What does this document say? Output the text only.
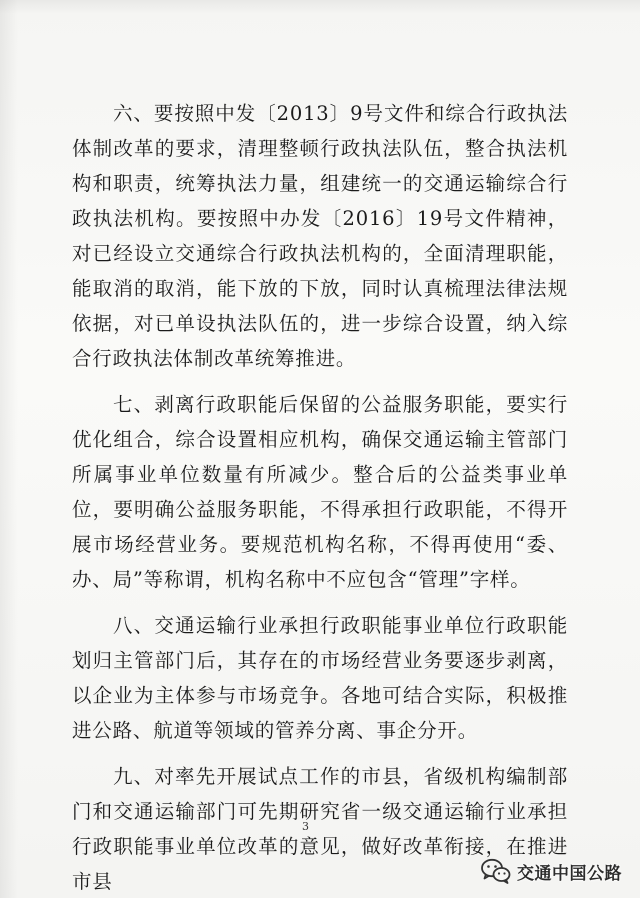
六、要按照中发〔2013〕9号文件和综合行政执法体制改革的要求，清理整顿行政执法队伍，整合执法机构和职责，统筹执法力量，组建统一的交通运输综合行政执法机构。要按照中办发〔2016〕19号文件精神，对已经设立交通综合行政执法机构的，全面清理职能，能取消的取消，能下放的下放，同时认真梳理法律法规依据，对已单设执法队伍的，进一步综合设置，纳入综合行政执法体制改革统筹推进。

七、剥离行政职能后保留的公益服务职能，要实行优化组合，综合设置相应机构，确保交通运输主管部门所属事业单位数量有所减少。整合后的公益类事业单位，要明确公益服务职能，不得承担行政职能，不得开展市场经营业务。要规范机构名称，不得再使用“委、办、局”等称谓，机构名称中不应包含“管理”字样。

八、交通运输行业承担行政职能事业单位行政职能划归主管部门后，其存在的市场经营业务要逐步剥离，以企业为主体参与市场竞争。各地可结合实际，积极推进公路、航道等领域的管养分离、事企分开。

九、对率先开展试点工作的市县，省级机构编制部门和交通运输部门可先期研究省一级交通运输行业承担行政职能事业单位改革的意见，做好改革衔接，在推进市县

3
交通中国公路
